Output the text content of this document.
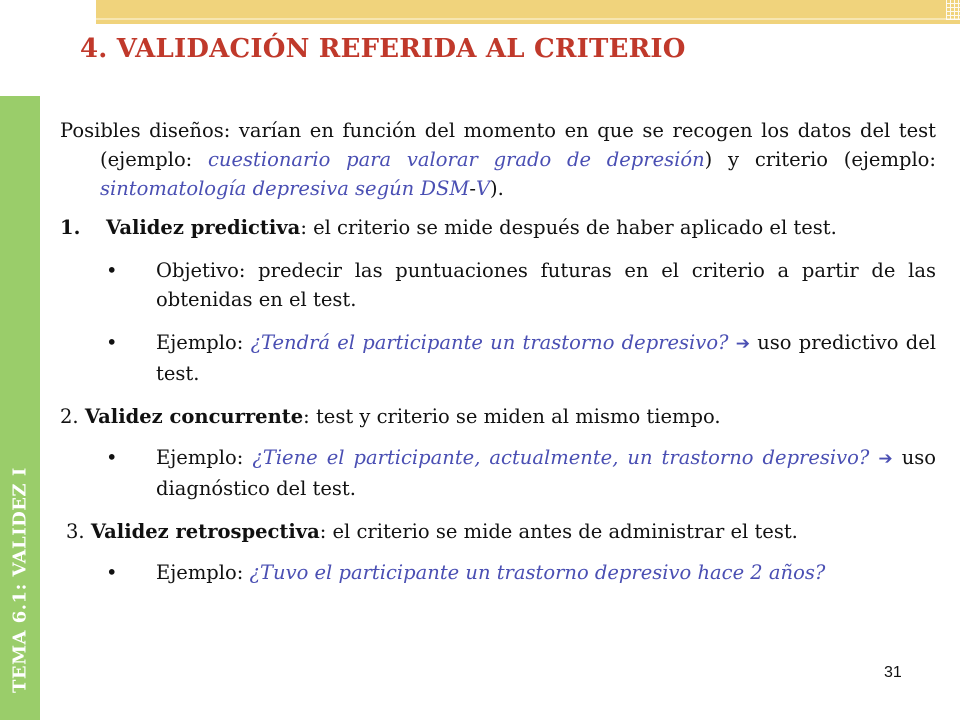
TEMA 6.1: VALIDEZ I
4. VALIDACIÓN REFERIDA AL CRITERIO

Posibles diseños: varían en función del momento en que se recogen los datos del test (ejemplo: cuestionario para valorar grado de depresión) y criterio (ejemplo: sintomatología depresiva según DSM-V).

1.	Validez predictiva: el criterio se mide después de haber aplicado el test.
•	Objetivo: predecir las puntuaciones futuras en el criterio a partir de las obtenidas en el test.
•	Ejemplo: ¿Tendrá el participante un trastorno depresivo? ➔ uso predictivo del test.

2. Validez concurrente: test y criterio se miden al mismo tiempo.

•	Ejemplo: ¿Tiene el participante, actualmente, un trastorno depresivo? ➔ uso diagnóstico del test.

3. Validez retrospectiva: el criterio se mide antes de administrar el test.

•	Ejemplo: ¿Tuvo el participante un trastorno depresivo hace 2 años?
31
